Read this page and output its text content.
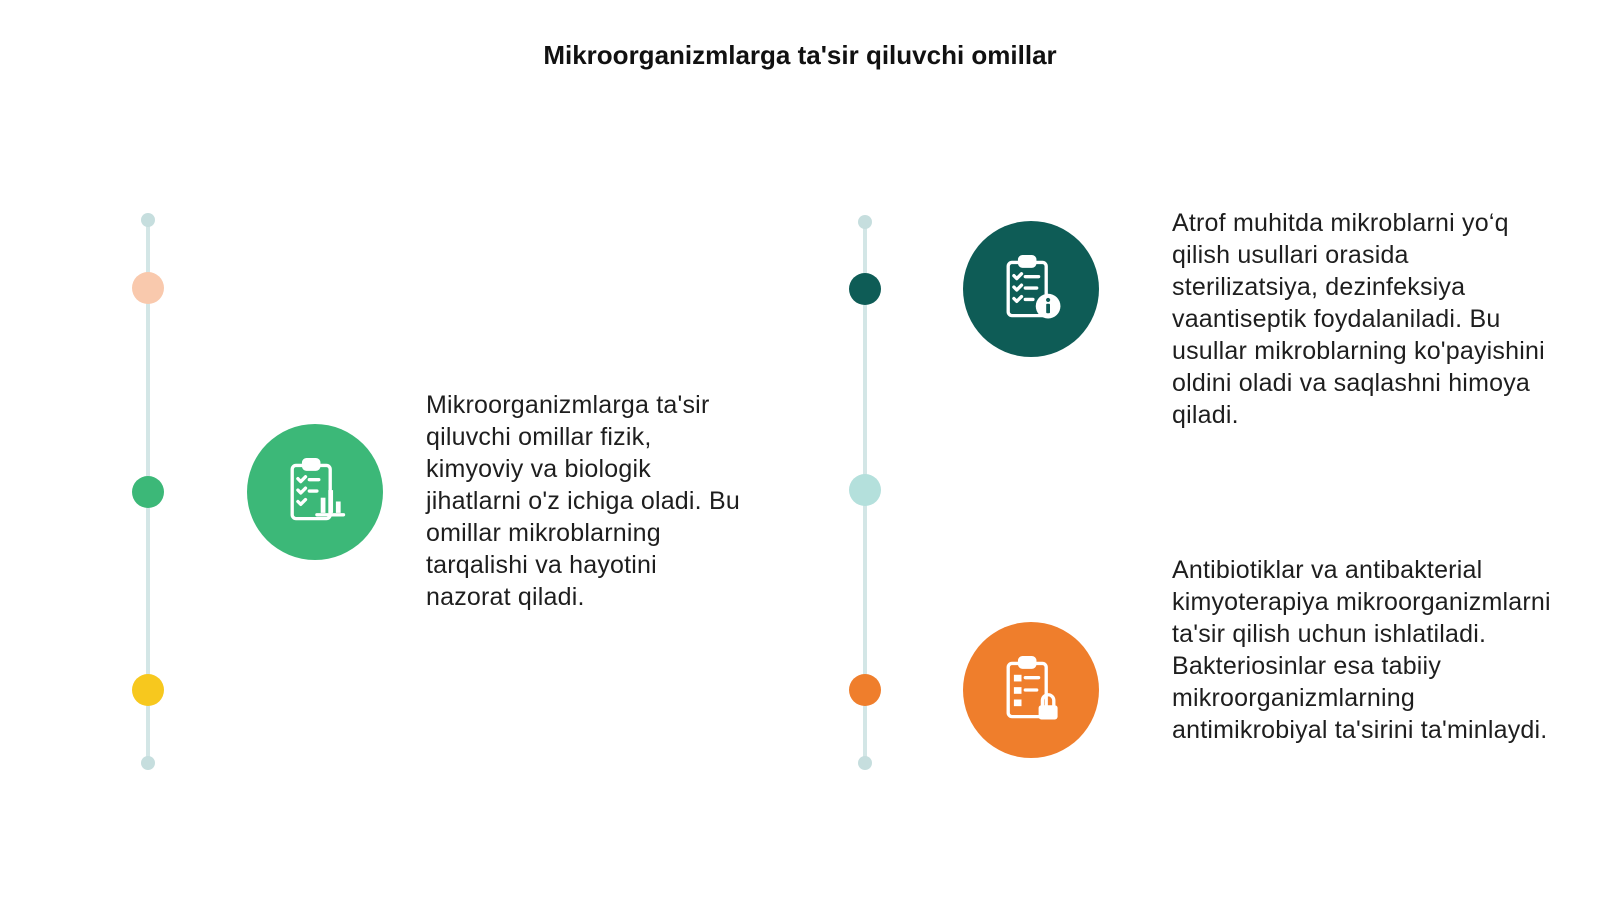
Mikroorganizmlarga ta'sir qiluvchi omillar
Mikroorganizmlarga ta'sir qiluvchi omillar fizik, kimyoviy va biologik jihatlarni o'z ichiga oladi. Bu omillar mikroblarning tarqalishi va hayotini nazorat qiladi.
Atrof muhitda mikroblarni yo‘q qilish usullari orasida sterilizatsiya, dezinfeksiya vaantiseptik foydalaniladi. Bu usullar mikroblarning ko'payishini oldini oladi va saqlashni himoya qiladi.
Antibiotiklar va antibakterial kimyoterapiya mikroorganizmlarni ta'sir qilish uchun ishlatiladi. Bakteriosinlar esa tabiiy mikroorganizmlarning antimikrobiyal ta'sirini ta'minlaydi.
